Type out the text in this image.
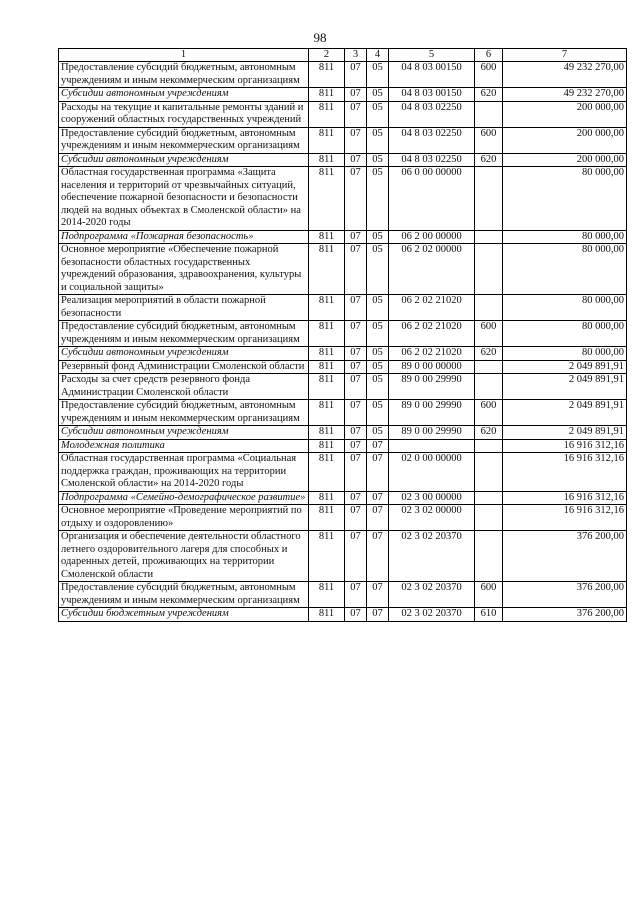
98
1	2	3	4	5	6	7
Предоставление субсидий бюджетным, автономным учреждениям и иным некоммерческим организациям	811	07	05	04 8 03 00150	600	49 232 270,00
Субсидии автономным учреждениям	811	07	05	04 8 03 00150	620	49 232 270,00
Расходы на текущие и капитальные ремонты зданий и сооружений областных государственных учреждений	811	07	05	04 8 03 02250		200 000,00
Предоставление субсидий бюджетным, автономным учреждениям и иным некоммерческим организациям	811	07	05	04 8 03 02250	600	200 000,00
Субсидии автономным учреждениям	811	07	05	04 8 03 02250	620	200 000,00
Областная государственная программа «Защита населения и территорий от чрезвычайных ситуаций, обеспечение пожарной безопасности и безопасности людей на водных объектах в Смоленской области» на 2014-2020 годы	811	07	05	06 0 00 00000		80 000,00
Подпрограмма «Пожарная безопасность»	811	07	05	06 2 00 00000		80 000,00
Основное мероприятие «Обеспечение пожарной безопасности областных государственных учреждений образования, здравоохранения, культуры и социальной защиты»	811	07	05	06 2 02 00000		80 000,00
Реализация мероприятий в области пожарной безопасности	811	07	05	06 2 02 21020		80 000,00
Предоставление субсидий бюджетным, автономным учреждениям и иным некоммерческим организациям	811	07	05	06 2 02 21020	600	80 000,00
Субсидии автономным учреждениям	811	07	05	06 2 02 21020	620	80 000,00
Резервный фонд Администрации Смоленской области	811	07	05	89 0 00 00000		2 049 891,91
Расходы за счет средств резервного фонда Администрации Смоленской области	811	07	05	89 0 00 29990		2 049 891,91
Предоставление субсидий бюджетным, автономным учреждениям и иным некоммерческим организациям	811	07	05	89 0 00 29990	600	2 049 891,91
Субсидии автономным учреждениям	811	07	05	89 0 00 29990	620	2 049 891,91
Молодежная политика	811	07	07			16 916 312,16
Областная государственная программа «Социальная поддержка граждан, проживающих на территории Смоленской области» на 2014-2020 годы	811	07	07	02 0 00 00000		16 916 312,16
Подпрограмма «Семейно-демографическое развитие»	811	07	07	02 3 00 00000		16 916 312,16
Основное мероприятие «Проведение мероприятий по отдыху и оздоровлению»	811	07	07	02 3 02 00000		16 916 312,16
Организация и обеспечение деятельности областного летнего оздоровительного лагеря для способных и одаренных детей, проживающих на территории Смоленской области	811	07	07	02 3 02 20370		376 200,00
Предоставление субсидий бюджетным, автономным учреждениям и иным некоммерческим организациям	811	07	07	02 3 02 20370	600	376 200,00
Субсидии бюджетным учреждениям	811	07	07	02 3 02 20370	610	376 200,00
